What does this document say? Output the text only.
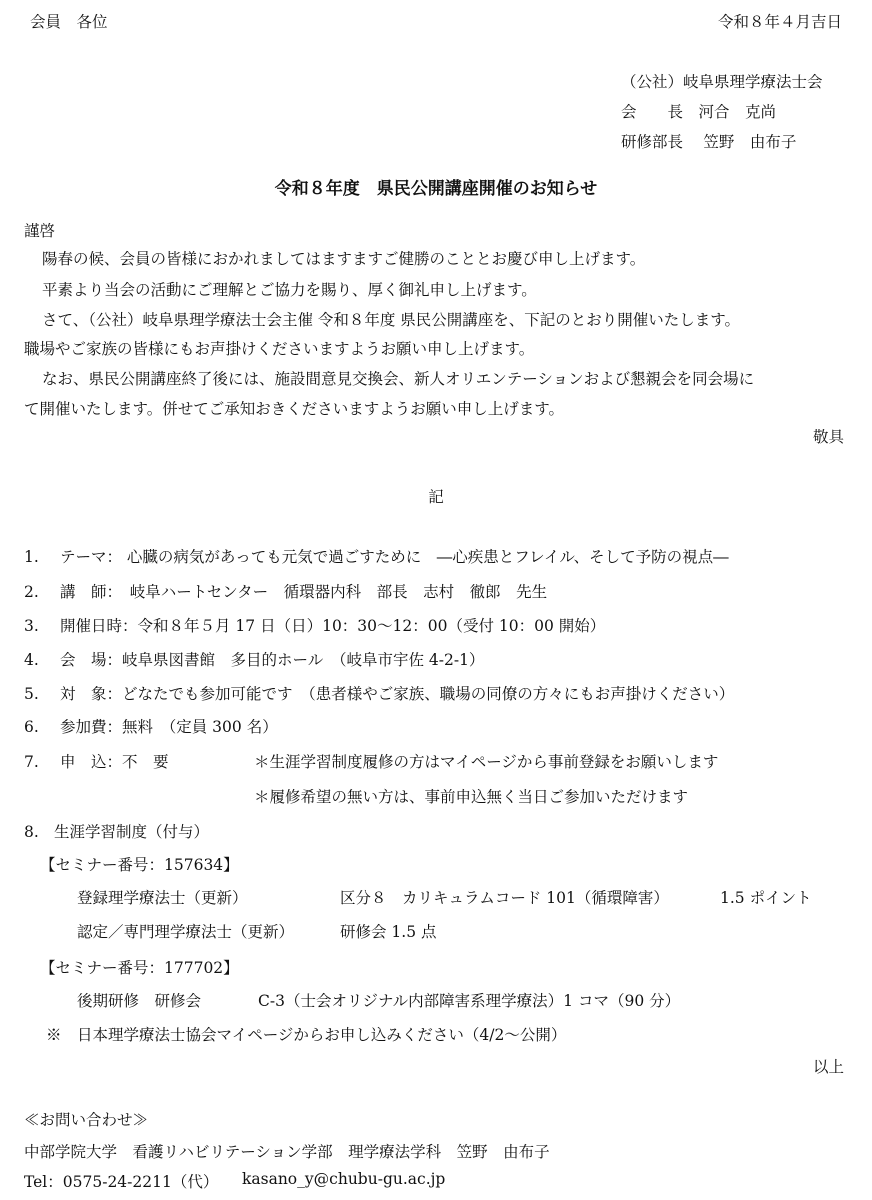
会員　各位	令和８年４月吉日
（公社）岐阜県理学療法士会
会　　長　河合　克尚
研修部長　 笠野　由布子
令和８年度　県民公開講座開催のお知らせ
謹啓
陽春の候、会員の皆様におかれましてはますますご健勝のこととお慶び申し上げます。
平素より当会の活動にご理解とご協力を賜り、厚く御礼申し上げます。
さて、（公社）岐阜県理学療法士会主催 令和８年度 県民公開講座を、下記のとおり開催いたします。
職場やご家族の皆様にもお声掛けくださいますようお願い申し上げます。
なお、県民公開講座終了後には、施設間意見交換会、新人オリエンテーションおよび懇親会を同会場に
て開催いたします。併せてご承知おきくださいますようお願い申し上げます。
敬具
記
1. テーマ： 心臓の病気があっても元気で過ごすために　―心疾患とフレイル、そして予防の視点―
2. 講　師：　岐阜ハートセンター　循環器内科　部長　志村　徹郎　先生
3. 開催日時：令和８年５月 17 日（日）10：30～12：00（受付 10：00 開始）
4. 会　場：岐阜県図書館　多目的ホール　（岐阜市宇佐 4-2-1）
5. 対　象：どなたでも参加可能です　（患者様やご家族、職場の同僚の方々にもお声掛けください）
6. 参加費：無料　（定員 300 名）
7. 申　込：不　要	＊生涯学習制度履修の方はマイページから事前登録をお願いします
＊履修希望の無い方は、事前申込無く当日ご参加いただけます
8. 生涯学習制度（付与）
【セミナー番号：157634】
登録理学療法士（更新）	区分８　カリキュラムコード 101（循環障害）	1.5 ポイント
認定／専門理学療法士（更新）	研修会 1.5 点
【セミナー番号：177702】
後期研修　研修会	C-3（士会オリジナル内部障害系理学療法）1 コマ（90 分）
※　日本理学療法士協会マイページからお申し込みください（4/2～公開）
以上
≪お問い合わせ≫
中部学院大学　看護リハビリテーション学部　理学療法学科　笠野　由布子
Tel：0575-24-2211（代） kasano_y@chubu-gu.ac.jp
